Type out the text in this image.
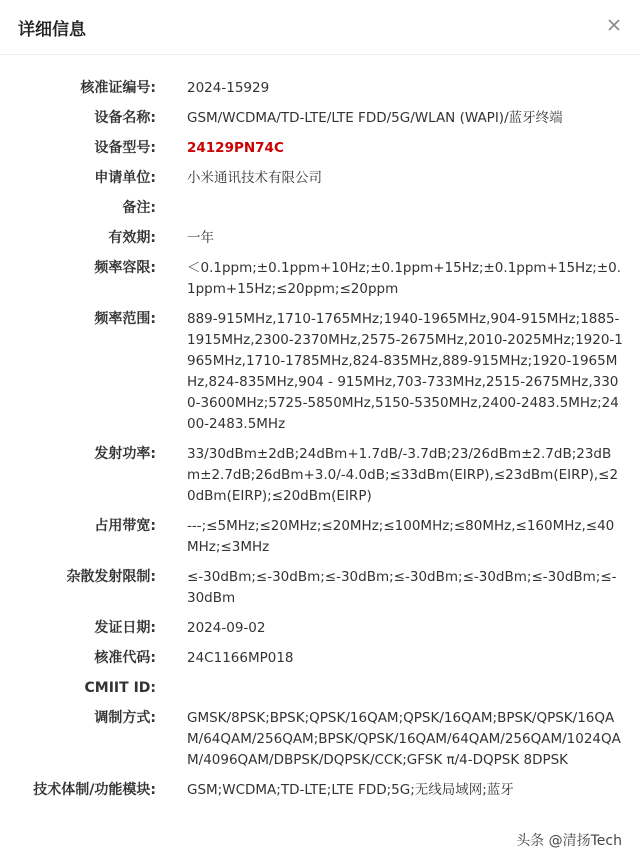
详细信息
核准证编号: 2024-15929
设备名称: GSM/WCDMA/TD-LTE/LTE FDD/5G/WLAN (WAPI)/蓝牙终端
设备型号: 24129PN74C
申请单位: 小米通讯技术有限公司
备注:
有效期: 一年
频率容限: ＜0.1ppm;±0.1ppm+10Hz;±0.1ppm+15Hz;±0.1ppm+15Hz;±0.1ppm+15Hz;≤20ppm;≤20ppm
频率范围: 889-915MHz,1710-1765MHz;1940-1965MHz,904-915MHz;1885-1915MHz,2300-2370MHz,2575-2675MHz,2010-2025MHz;1920-1965MHz,1710-1785MHz,824-835MHz,889-915MHz;1920-1965MHz,824-835MHz,904 - 915MHz,703-733MHz,2515-2675MHz,3300-3600MHz;5725-5850MHz,5150-5350MHz,2400-2483.5MHz;2400-2483.5MHz
发射功率: 33/30dBm±2dB;24dBm+1.7dB/-3.7dB;23/26dBm±2.7dB;23dBm±2.7dB;26dBm+3.0/-4.0dB;≤33dBm(EIRP),≤23dBm(EIRP),≤20dBm(EIRP);≤20dBm(EIRP)
占用带宽: ---;≤5MHz;≤20MHz;≤20MHz;≤100MHz;≤80MHz,≤160MHz,≤40MHz;≤3MHz
杂散发射限制: ≤-30dBm;≤-30dBm;≤-30dBm;≤-30dBm;≤-30dBm;≤-30dBm;≤-30dBm
发证日期: 2024-09-02
核准代码: 24C1166MP018
CMIIT ID:
调制方式: GMSK/8PSK;BPSK;QPSK/16QAM;QPSK/16QAM;BPSK/QPSK/16QAM/64QAM/256QAM;BPSK/QPSK/16QAM/64QAM/256QAM/1024QAM/4096QAM/DBPSK/DQPSK/CCK;GFSK π/4-DQPSK 8DPSK
技术体制/功能模块: GSM;WCDMA;TD-LTE;LTE FDD;5G;无线局域网;蓝牙
头条 @清扬Tech
